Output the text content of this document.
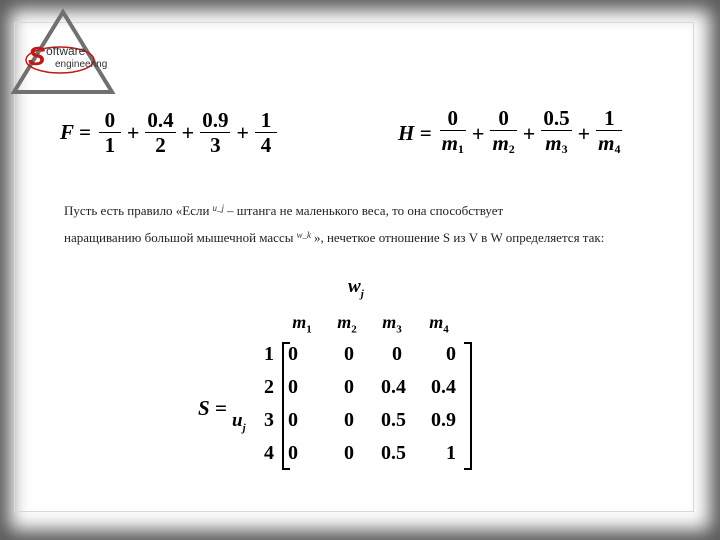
S oftware
engineering
$F = \frac{0}{1} + \frac{0.4}{2} + \frac{0.9}{3} + \frac{1}{4}$	$H = \frac{0}{m_1} + \frac{0}{m_2} + \frac{0.5}{m_3} + \frac{1}{m_4}$
Пусть есть правило «Если $^{u\_j}$ – штанга не маленького веса, то она способствует
наращиванию большой мышечной массы $^{w\_k}$ », нечеткое отношение S из V в W определяется так:
$w_j$
$m_1$	$m_2$	$m_3$	$m_4$
S =
$u_j$
1
2
3
4
0	0	0	0
0	0	0.4	0.4
0	0	0.5	0.9
0	0	0.5	1
